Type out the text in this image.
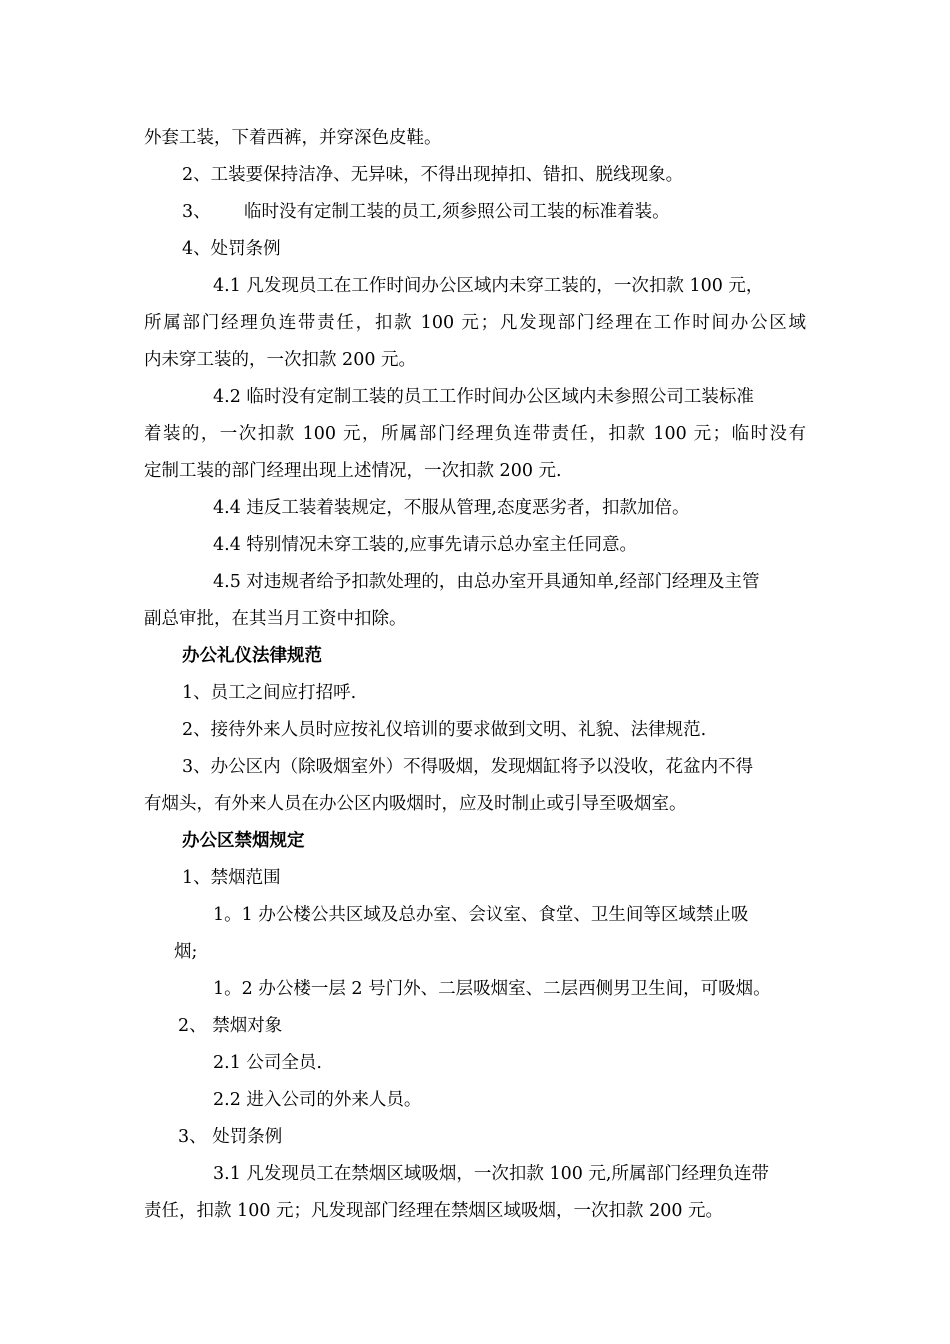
外套工装，下着西裤，并穿深色皮鞋。

2、工装要保持洁净、无异味，不得出现掉扣、错扣、脱线现象。

3、      临时没有定制工装的员工,须参照公司工装的标准着装。

4、处罚条例

4.1 凡发现员工在工作时间办公区域内未穿工装的，一次扣款 100 元，

所属部门经理负连带责任，扣款 100 元；凡发现部门经理在工作时间办公区域

内未穿工装的，一次扣款 200 元。

4.2 临时没有定制工装的员工工作时间办公区域内未参照公司工装标准

着装的，一次扣款 100 元，所属部门经理负连带责任，扣款 100 元；临时没有

定制工装的部门经理出现上述情况，一次扣款 200 元.

4.4 违反工装着装规定，不服从管理,态度恶劣者，扣款加倍。

4.4 特别情况未穿工装的,应事先请示总办室主任同意。

4.5 对违规者给予扣款处理的，由总办室开具通知单,经部门经理及主管

副总审批，在其当月工资中扣除。

办公礼仪法律规范

1、员工之间应打招呼.

2、接待外来人员时应按礼仪培训的要求做到文明、礼貌、法律规范.

3、办公区内（除吸烟室外）不得吸烟，发现烟缸将予以没收，花盆内不得

有烟头，有外来人员在办公区内吸烟时，应及时制止或引导至吸烟室。

办公区禁烟规定

1、禁烟范围

1。1 办公楼公共区域及总办室、会议室、食堂、卫生间等区域禁止吸

烟;

1。2 办公楼一层 2 号门外、二层吸烟室、二层西侧男卫生间，可吸烟。

2、 禁烟对象

2.1 公司全员.

2.2 进入公司的外来人员。

3、 处罚条例

3.1 凡发现员工在禁烟区域吸烟，一次扣款 100 元,所属部门经理负连带

责任，扣款 100 元；凡发现部门经理在禁烟区域吸烟，一次扣款 200 元。
